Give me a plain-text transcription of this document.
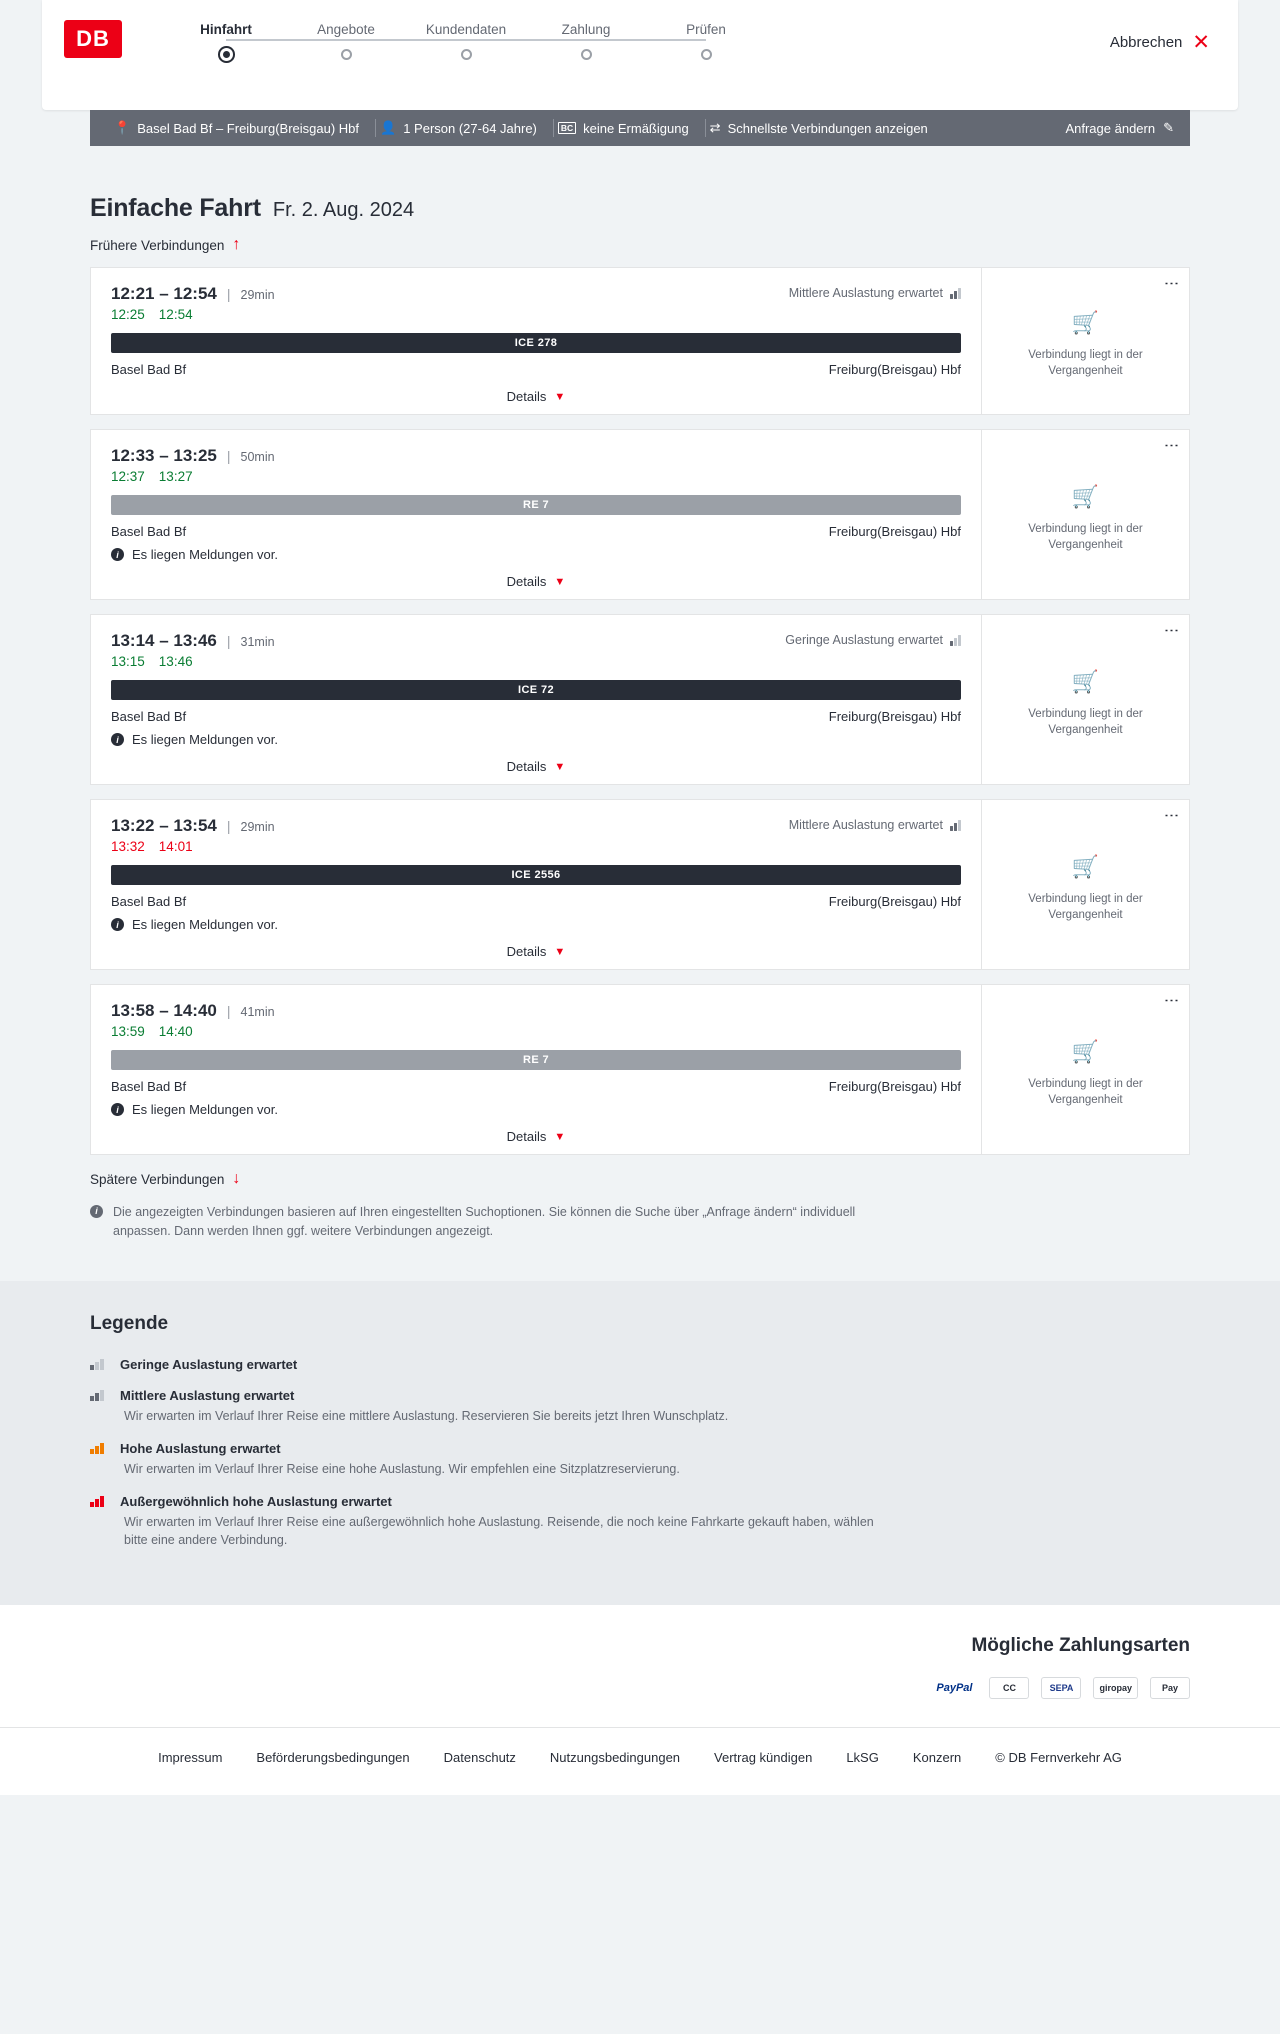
DB	Hinfahrt	Angebote	Kundendaten	Zahlung	Prüfen
Abbrechen ✕
📍 Basel Bad Bf – Freiburg(Breisgau) Hbf 👤 1 Person (27-64 Jahre)	BC keine Ermäßigung ⇄ Schnellste Verbindungen anzeigen	Anfrage ändern ✎
Einfache Fahrt Fr. 2. Aug. 2024
Frühere Verbindungen ↑
Mittlere Auslastung erwartet
12:21 – 12:54 | 29min
12:25 12:54
ICE 278
Basel Bad Bf	Freiburg(Breisgau) Hbf
Details ▼
⋮
🛒
Verbindung liegt in der Vergangenheit
12:33 – 13:25 | 50min
12:37 13:27
RE 7
Basel Bad Bf	Freiburg(Breisgau) Hbf
i	Es liegen Meldungen vor.
Details ▼
⋮
🛒
Verbindung liegt in der Vergangenheit
Geringe Auslastung erwartet
13:14 – 13:46 | 31min
13:15 13:46
ICE 72
Basel Bad Bf	Freiburg(Breisgau) Hbf
i	Es liegen Meldungen vor.
Details ▼
⋮
🛒
Verbindung liegt in der Vergangenheit
Mittlere Auslastung erwartet
13:22 – 13:54 | 29min
13:32 14:01
ICE 2556
Basel Bad Bf	Freiburg(Breisgau) Hbf
i	Es liegen Meldungen vor.
Details ▼
⋮
🛒
Verbindung liegt in der Vergangenheit
13:58 – 14:40 | 41min
13:59 14:40
RE 7
Basel Bad Bf	Freiburg(Breisgau) Hbf
i	Es liegen Meldungen vor.
Details ▼
⋮
🛒
Verbindung liegt in der Vergangenheit
Spätere Verbindungen ↓
i	Die angezeigten Verbindungen basieren auf Ihren eingestellten Suchoptionen. Sie können die Suche über „Anfrage ändern“ individuell anpassen. Dann werden Ihnen ggf. weitere Verbindungen angezeigt.
Legende
Geringe Auslastung erwartet
Mittlere Auslastung erwartet
Wir erwarten im Verlauf Ihrer Reise eine mittlere Auslastung. Reservieren Sie bereits jetzt Ihren Wunschplatz.
Hohe Auslastung erwartet
Wir erwarten im Verlauf Ihrer Reise eine hohe Auslastung. Wir empfehlen eine Sitzplatzreservierung.
Außergewöhnlich hohe Auslastung erwartet
Wir erwarten im Verlauf Ihrer Reise eine außergewöhnlich hohe Auslastung. Reisende, die noch keine Fahrkarte gekauft haben, wählen bitte eine andere Verbindung.
Mögliche Zahlungsarten
PayPal	CC	SEPA	giropay	Pay
Impressum	Beförderungsbedingungen	Datenschutz	Nutzungsbedingungen	Vertrag kündigen	LkSG	Konzern	© DB Fernverkehr AG
